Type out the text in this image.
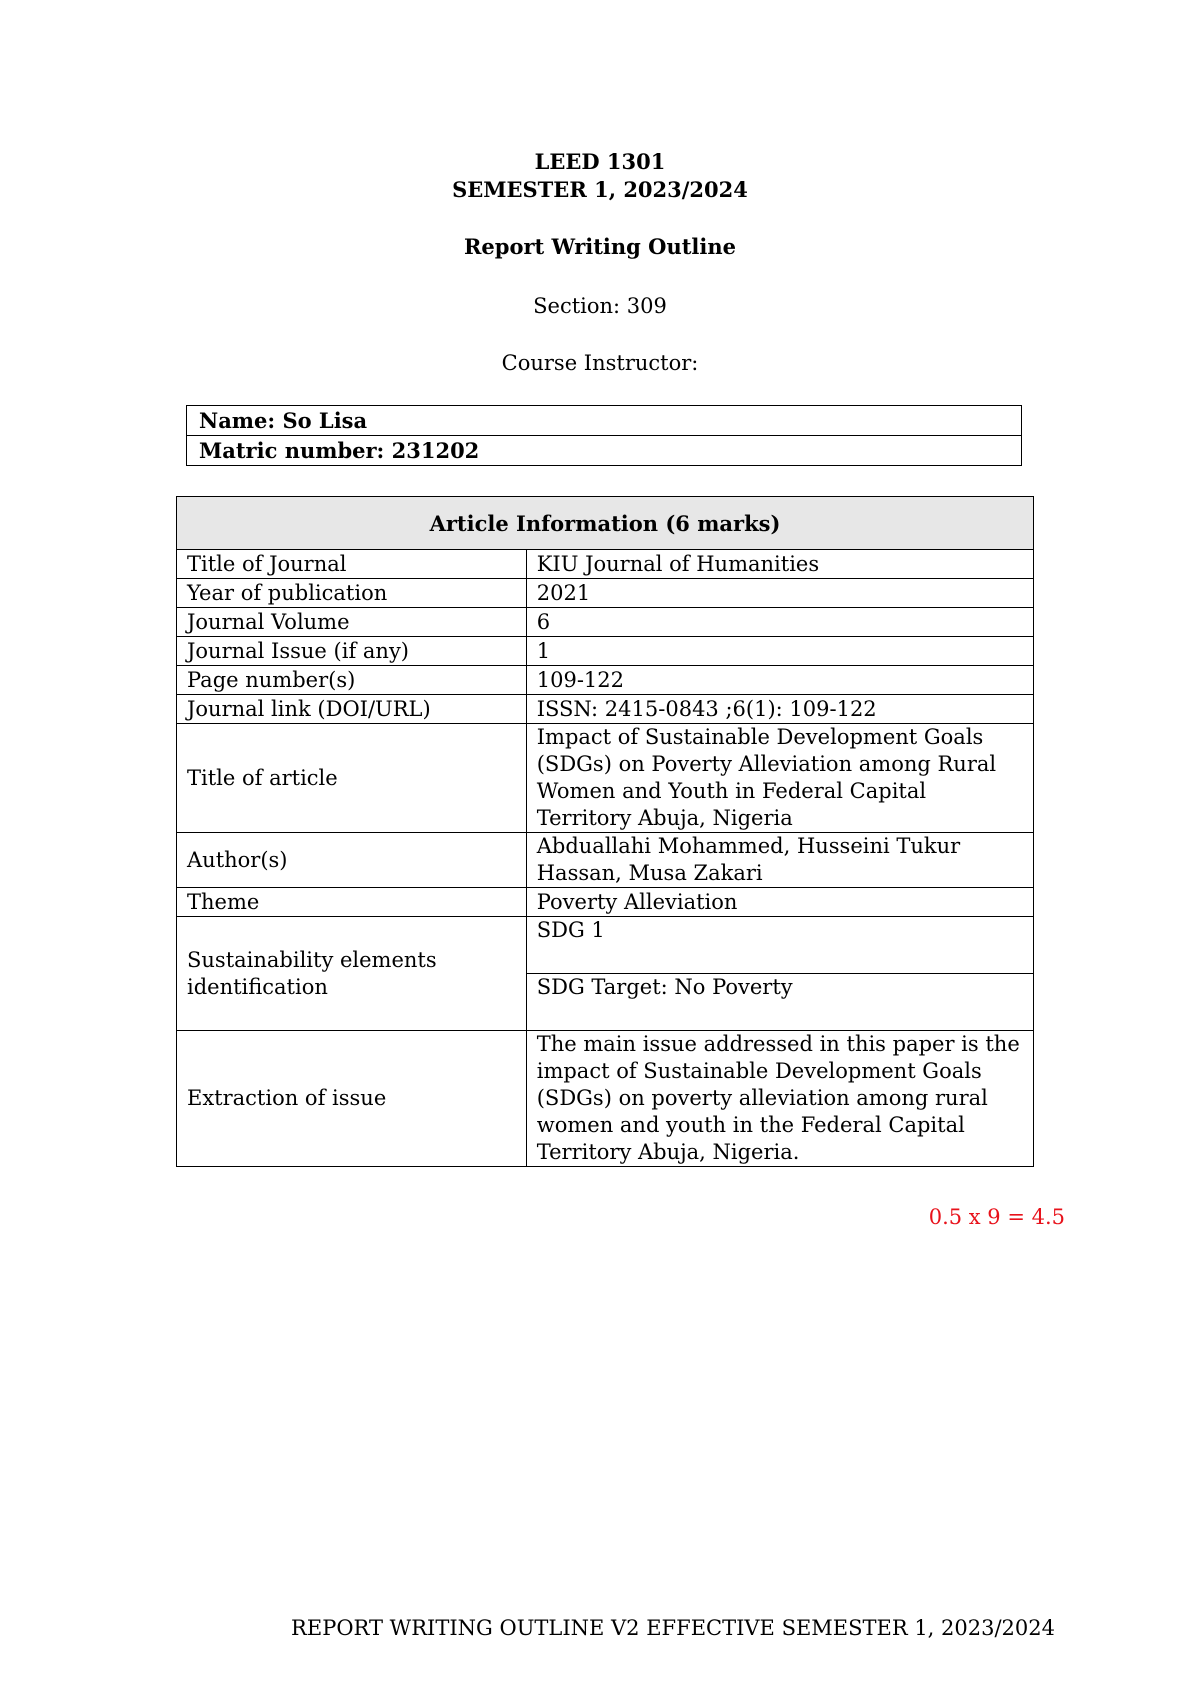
LEED 1301
SEMESTER 1, 2023/2024
Report Writing Outline
Section: 309
Course Instructor:
Name: So Lisa
Matric number: 231202
Article Information (6 marks)	
Title of Journal	KIU Journal of Humanities
Year of publication	2021
Journal Volume	6
Journal Issue (if any)	1
Page number(s)	109-122
Journal link (DOI/URL)	ISSN: 2415-0843 ;6(1): 109-122
Title of article	Impact of Sustainable Development Goals (SDGs) on Poverty Alleviation among Rural Women and Youth in Federal Capital Territory Abuja, Nigeria
Author(s)	Abduallahi Mohammed, Husseini Tukur Hassan, Musa Zakari
Theme	Poverty Alleviation
Sustainability elements identification	SDG 1
	SDG Target: No Poverty
Extraction of issue	The main issue addressed in this paper is the impact of Sustainable Development Goals (SDGs) on poverty alleviation among rural women and youth in the Federal Capital Territory Abuja, Nigeria.
0.5 x 9 = 4.5
REPORT WRITING OUTLINE V2 EFFECTIVE SEMESTER 1, 2023/2024
